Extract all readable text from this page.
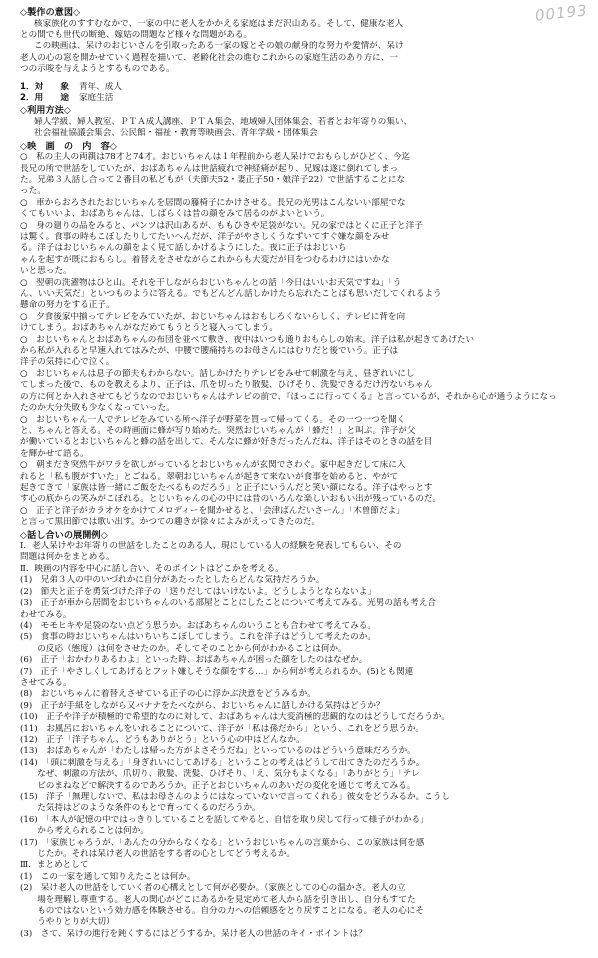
00193
◇製作の意図◇
核家族化のすすむなかで、一家の中に老人をかかえる家庭はまだ沢山ある。そして、健康な老人
との間でも世代の断絶、嫁姑の問題など様々な問題がある。
この映画は、呆けのおじいさんを引取ったある一家の嫁とその娘の献身的な努力や愛情が、呆け
老人の心の窓を開かせていく過程を描いて、老齢化社会の進むこれからの家庭生活のあり方に、一
つの示唆を与えようとするものである。
1．対　　象 青年、成人
2．用　　途 家庭生活
◇利用方法◇
婦人学級、婦人教室、ＰＴＡ成人講座、ＰＴＡ集会、地域婦人団体集会、若者とお年寄りの集い、
社会福祉協議会集会、公民館・福祉・教育等映画会、青年学級・団体集会
◇映　画　の　内　容◇
○　私の主人の両親は78才と74才。おじいちゃんは１年程前から老人呆けでおもらしがひどく、今迄
長兄の所で世話をしていたが、おばあちゃんは世話疲れで神経痛が起り、兄嫁は遂に倒れてしまっ
た。兄弟３人話し合って２番目の私どもが（夫節夫52・妻正子50・娘洋子22）で世話することにな
った。
○　車からおろされたおじいちゃんを居間の籐椅子にかけさせる。長兄の光男はこんないい部屋でな
くてもいいよ、おばあちゃんは、しばらくは昔の顔をみて居るのがよいという。
○　身の廻りの品をみると、パンツは沢山あるが、ももひきや足袋がない。兄の家ではとくに正子と洋子
は驚く。食事の時もこぼしたりしてたいへんだが、洋子がやさしくうなずいてすぐ嫌な顔をみせ
る。洋子はおじいちゃんの顔をよく見て話しかけるようにした。夜に正子はおじいち
ゃんを起すが既におもらし。着替えをさせながらこれからも大変だが目をつむるわけにはいかな
いと思った。
○　翌朝の洗濯物はひと山。それを干しながらおじいちゃんとの話「今日はいいお天気ですね」「う
ん、いい天気だ」といつものように答える。でもどんどん話しかけたら忘れたことばも思いだしてくれるよう
懸命の努力をする正子。
○　夕食後家中揃ってテレビをみていたが、おじいちゃんはおもしろくないらしく、テレビに背を向
けてしまう。おばあちゃんがなだめてもうとうと寝入ってしまう。
○　おじいちゃんとおばあちゃんの布団を並べて敷き、夜中はいつも通りおもらしの始末。洋子は私が起きてあげたい
から私が入れると早速入れてはみたが、中腰で腰痛持ちのお母さんにはむりだと後でいう。正子は
洋子の気持に心で泣く。
○　おじいちゃんは息子の節夫もわからない。話しかけたりテレビをみせて刺激を与え、昼ぎれいにし
てしまった後で、ものを教えるより、正子は、爪を切ったり散髪、ひげそり、洗髪できるだけ汚ないちゃん
の方に何とか入れさせてもどうなのでおじいちゃんはテレビの前で、『ほっこに行ってくる』と言っているが、それから心が通うようになっ
たのか大分失敗も少なくなっていった。
○　おじいちゃん一人でテレビをみている所へ洋子が野菜を買って帰ってくる。その一つ一つを聞く
と、ちゃんと答える。その時画面に蜂が写り始めた。突然おじいちゃんが「蜂だ！」と叫ぶ。洋子が父
が働いているとおじいちゃんと蜂の話を出して、そんなに蜂が好きだったんだね、洋子はそのときの話を目
を輝かせて語る。
○　朝まだき突然牛がワラを欲しがっているとおじいちゃんが玄関でさわぐ。家中起きだして床に入
れると「私も腹がすいた」とごねる。翠朝おじいちゃんが起きて来ないが食事を始めると、やがて
起きてきて「家族は皆一緒にご飯をたべるものだろう」と正子にいうんだと笑い顔になる。洋子はやっとす
す心の底からの笑みがこぼれる。とじいちゃんの心の中には昔のいろんな楽しいおもい出が残っているのだ。
○　正子と洋子がカラオケをかけてメロディーを聞かせると、「会津ばんだいさーん」「木曽節だよ」
と言って黒田節では歌い出す。かつての趣きが徐々によみがえってきたのだ。
◇話し合いの展開例◇
Ⅰ．老人呆けやお年寄りの世話をしたことのある人、現にしている人の経験を発表してもらい、その
問題は何かをまとめる。
Ⅱ．映画の内容を中心に話し合い、そのポイントはどこかを考える。
(1)　兄弟３人の中のいづれかに自分があたったとしたらどんな気持だろうか。
(2)　節夫と正子を勇気づけた洋子の「送りだしてはいけないよ。どうしようとならないよ」
(3)　正子が車から居間をおじいちゃんのいる部屋とことにしたことについて考えてみる。光男の話も考え合
わせてみる。
(4)　モモヒキや足袋のない点どう思うか。おばあちゃんのいうことも合わせて考えてみる。
(5)　食事の時おじいちゃんはいちいちこぼしてしまう。これを洋子はどうして考えたのか。
　　の反応（態度）は何をさせたのか。そしてそのことから何がわかることは何か。
(6)　正子「おかわりあるわよ」といった時、おばあちゃんが困った顔をしたのはなぜか。
(7)　正子「やさしくしてあげるとフット嫌しそうな顔をする…」から何が考えられるか。(5)とも関連
させてみる。
(8)　おじいちゃんに着替えさせている正子の心に浮かぶ決意をどうみるか。
(9)　正子が手紙をしながら又バナナをたべながら、おじいちゃんに話しかける気持はどうか？
(10)　正子や洋子が積極的で希望的なのに対して、おばあちゃんは大変消極的悲観的なのはどうしてだろうか。
(11)　お風呂においちゃんをいれることについて、洋子が「私は孫だから」という、これをどう思うか。
(12)　正子「洋子ちゃん、どうもありがとう」という心の中はどんなか。
(13)　おばあちゃんが「わたしは帰った方がよさそうだね」といっているのはどういう意味だろうか。
(14)　「頭に刺激を与える」「身ぎれいにしてあげる」ということの考えはどうして出てきたのだろうか。
　　なぜ、刺激の方法が、爪切り、散髪、洗髪、ひげそり、「え、気分もよくなる」「ありがとう」「テレ
　　ビのまねなどで解決するのであろうか。正子とおじいちゃんのあいだの変化を通じて考えてみる。
(15)　洋子「無理しないで、私はお母さんのようにはなっていないで言ってくれる」彼女をどうみるか。こうし
　　た気持はどのような条件のもとで育ってくるのだろうか。
(16)　「本人が記憶の中ではっきりしていることを話してやると、自信を取り戻して行って様子がわかる」
　　から考えられることは何か。
(17)　「家族じゃろうが、「あんたの分からなくなる」というおじいちゃんの言葉から、この家族は何を感
　　じたか。それは呆け老人の世話をする者の心としてどう考えるか。
Ⅲ．まとめとして
(1)　この一家を通して知りえたことは何か。
(2)　呆け老人の世話をしていく者の心構えとして何が必要か。（家族としての心の温かさ。老人の立
　　場を理解し尊重する。老人の関心がどこにあるかを見定めて老人から話を引き出し、自分もすてた
　　ものではないという効力感を体験させる。自分の力への信頼感をとり戻すことになる。老人の心にそ
　　うやりとりが大切）
(3)　さて、呆けの進行を鈍くするにはどうするか。呆け老人の世話のキイ・ポイントは？
